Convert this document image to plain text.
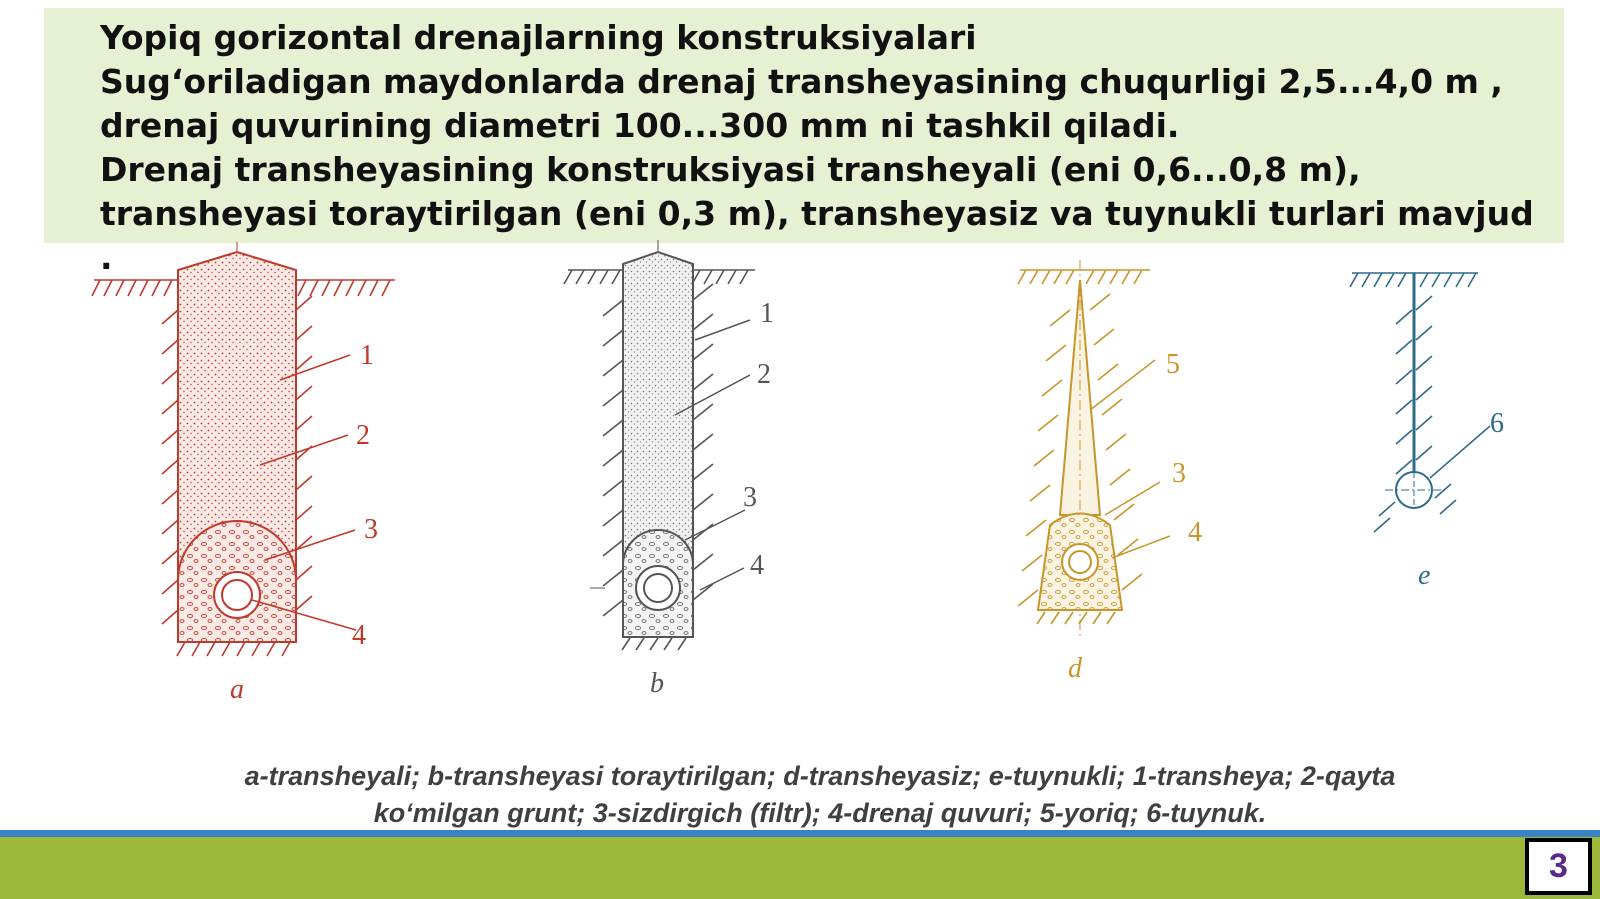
Yopiq gorizontal drenajlarning konstruksiyalari
Sug‘oriladigan maydonlarda drenaj transheyasining chuqurligi 2,5...4,0 m , drenaj quvurining diametri 100...300 mm ni tashkil qiladi.
Drenaj transheyasining konstruksiyasi transheyali (eni 0,6...0,8 m), transheyasi toraytirilgan (eni 0,3 m), transheyasiz va tuynukli turlari mavjud .
1
2
3
4
a
1
2
3
4
b
5
3
4
d
6
e
a-transheyali; b-transheyasi toraytirilgan; d-transheyasiz; e-tuynukli; 1-transheya; 2-qayta
ko‘milgan grunt; 3-sizdirgich (filtr); 4-drenaj quvuri; 5-yoriq; 6-tuynuk.
3
